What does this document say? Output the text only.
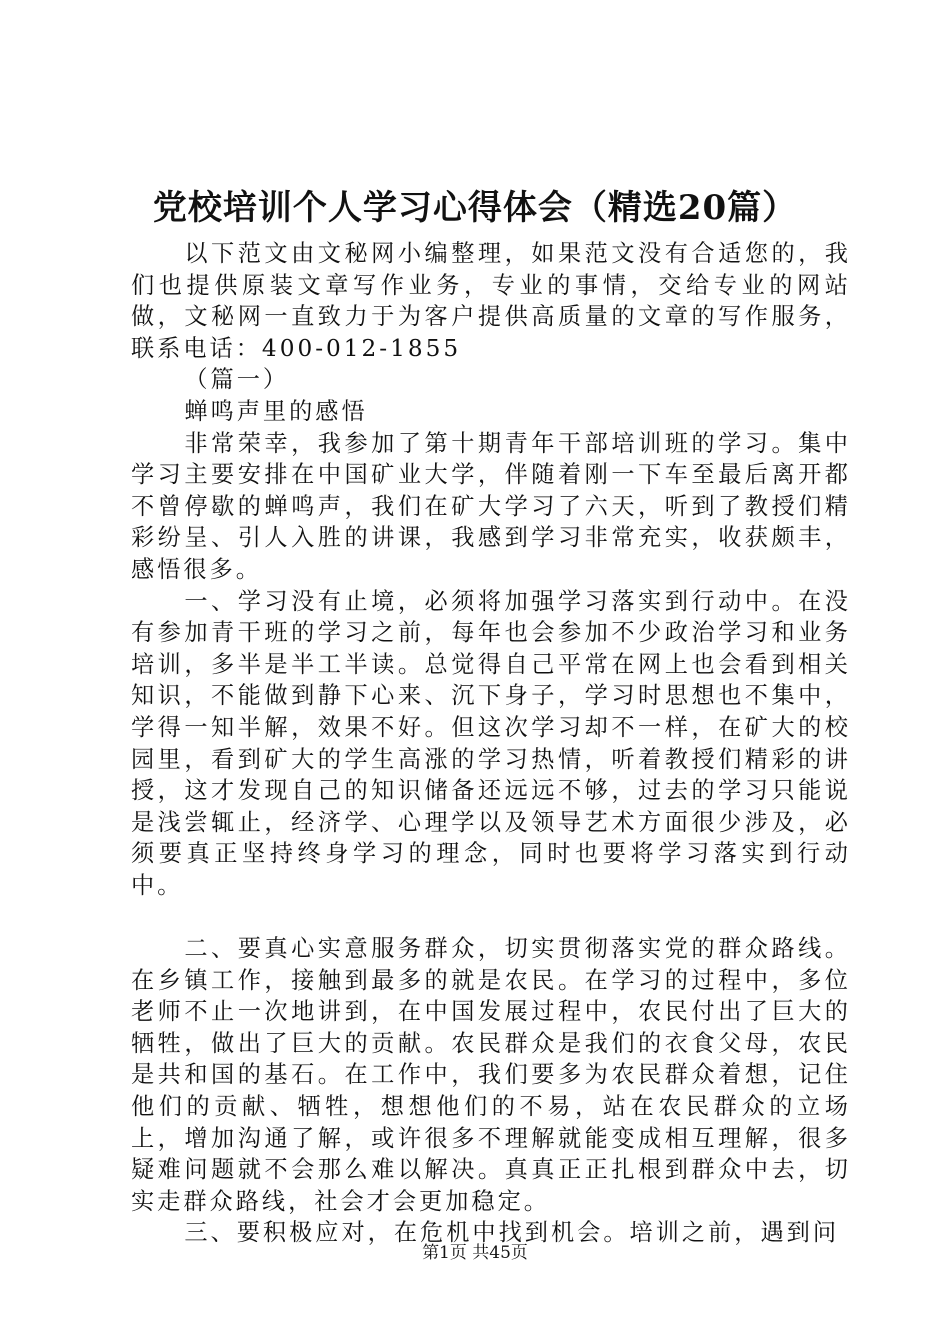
党校培训个人学习心得体会（精选20篇）

以下范文由文秘网小编整理，如果范文没有合适您的，我们也提供原装文章写作业务，专业的事情，交给专业的网站做，文秘网一直致力于为客户提供高质量的文章的写作服务，联系电话：400-012-1855

（篇一）

蝉鸣声里的感悟

非常荣幸，我参加了第十期青年干部培训班的学习。集中学习主要安排在中国矿业大学，伴随着刚一下车至最后离开都不曾停歇的蝉鸣声，我们在矿大学习了六天，听到了教授们精彩纷呈、引人入胜的讲课，我感到学习非常充实，收获颇丰，感悟很多。

一、学习没有止境，必须将加强学习落实到行动中。在没有参加青干班的学习之前，每年也会参加不少政治学习和业务培训，多半是半工半读。总觉得自己平常在网上也会看到相关知识，不能做到静下心来、沉下身子，学习时思想也不集中，学得一知半解，效果不好。但这次学习却不一样，在矿大的校园里，看到矿大的学生高涨的学习热情，听着教授们精彩的讲授，这才发现自己的知识储备还远远不够，过去的学习只能说是浅尝辄止，经济学、心理学以及领导艺术方面很少涉及，必须要真正坚持终身学习的理念，同时也要将学习落实到行动中。

二、要真心实意服务群众，切实贯彻落实党的群众路线。在乡镇工作，接触到最多的就是农民。在学习的过程中，多位老师不止一次地讲到，在中国发展过程中，农民付出了巨大的牺牲，做出了巨大的贡献。农民群众是我们的衣食父母，农民是共和国的基石。在工作中，我们要多为农民群众着想，记住他们的贡献、牺牲，想想他们的不易，站在农民群众的立场上，增加沟通了解，或许很多不理解就能变成相互理解，很多疑难问题就不会那么难以解决。真真正正扎根到群众中去，切实走群众路线，社会才会更加稳定。

三、要积极应对，在危机中找到机会。培训之前，遇到问

第1页 共45页
